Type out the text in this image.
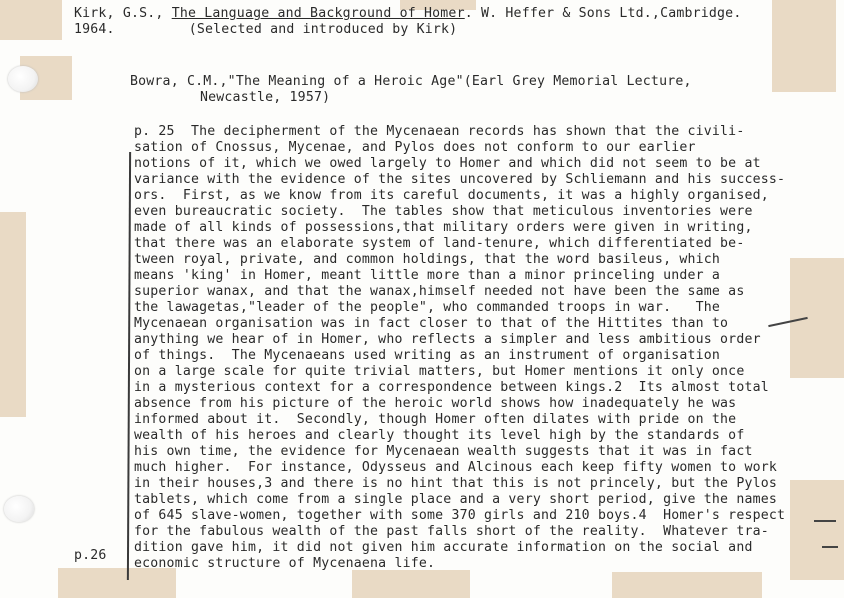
Kirk, G.S., The Language and Background of Homer. W. Heffer & Sons Ltd.,Cambridge.
1964.	(Selected and introduced by Kirk)
Bowra, C.M.,"The Meaning of a Heroic Age"(Earl Grey Memorial Lecture,
Newcastle, 1957)
p.26
p. 25  The decipherment of the Mycenaean records has shown that the civili-
sation of Cnossus, Mycenae, and Pylos does not conform to our earlier
notions of it, which we owed largely to Homer and which did not seem to be at
variance with the evidence of the sites uncovered by Schliemann and his success-
ors.  First, as we know from its careful documents, it was a highly organised,
even bureaucratic society.  The tables show that meticulous inventories were
made of all kinds of possessions,that military orders were given in writing,
that there was an elaborate system of land-tenure, which differentiated be-
tween royal, private, and common holdings, that the word basileus, which
means 'king' in Homer, meant little more than a minor princeling under a
superior wanax, and that the wanax,himself needed not have been the same as
the lawagetas,"leader of the people", who commanded troops in war.   The
Mycenaean organisation was in fact closer to that of the Hittites than to
anything we hear of in Homer, who reflects a simpler and less ambitious order
of things.  The Mycenaeans used writing as an instrument of organisation
on a large scale for quite trivial matters, but Homer mentions it only once
in a mysterious context for a correspondence between kings.2  Its almost total
absence from his picture of the heroic world shows how inadequately he was
informed about it.  Secondly, though Homer often dilates with pride on the
wealth of his heroes and clearly thought its level high by the standards of
his own time, the evidence for Mycenaean wealth suggests that it was in fact
much higher.  For instance, Odysseus and Alcinous each keep fifty women to work
in their houses,3 and there is no hint that this is not princely, but the Pylos
tablets, which come from a single place and a very short period, give the names
of 645 slave-women, together with some 370 girls and 210 boys.4  Homer's respect
for the fabulous wealth of the past falls short of the reality.  Whatever tra-
dition gave him, it did not given him accurate information on the social and
economic structure of Mycenaena life.
